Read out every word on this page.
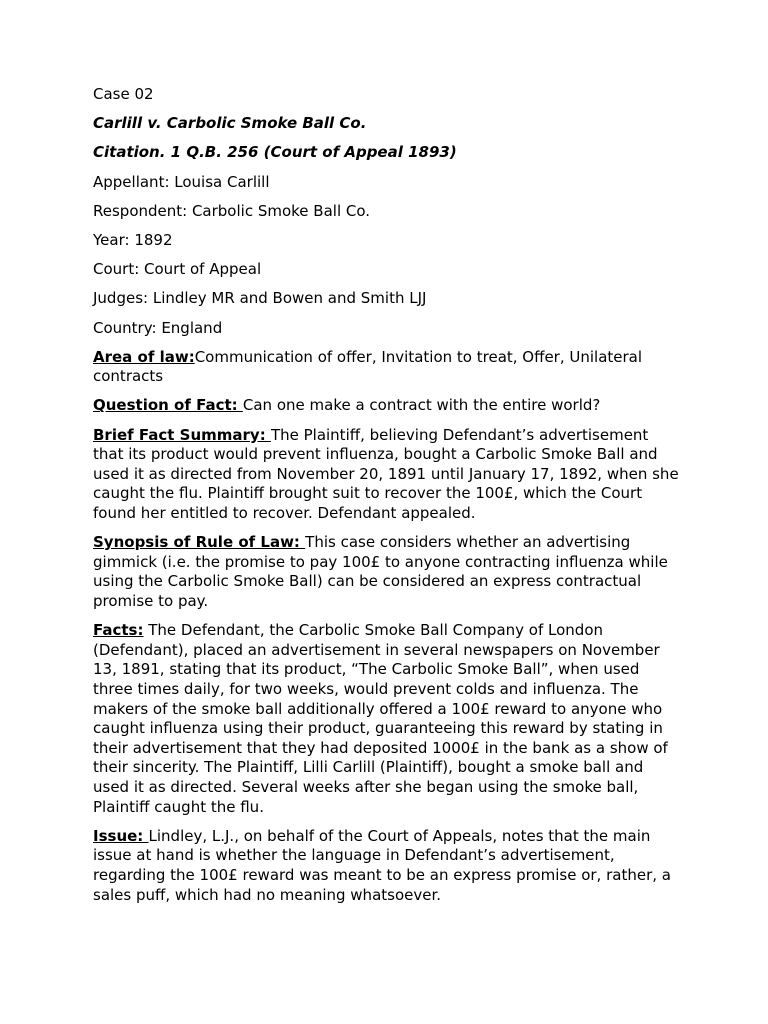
Case 02

Carlill v. Carbolic Smoke Ball Co.

Citation. 1 Q.B. 256 (Court of Appeal 1893)

Appellant: Louisa Carlill

Respondent: Carbolic Smoke Ball Co.

Year: 1892

Court: Court of Appeal

Judges: Lindley MR and Bowen and Smith LJJ

Country: England

Area of law:Communication of offer, Invitation to treat, Offer, Unilateral contracts

Question of Fact: Can one make a contract with the entire world?

Brief Fact Summary: The Plaintiff, believing Defendant’s advertisement that its product would prevent influenza, bought a Carbolic Smoke Ball and used it as directed from November 20, 1891 until January 17, 1892, when she caught the flu. Plaintiff brought suit to recover the 100£, which the Court found her entitled to recover. Defendant appealed.

Synopsis of Rule of Law: This case considers whether an advertising gimmick (i.e. the promise to pay 100£ to anyone contracting influenza while using the Carbolic Smoke Ball) can be considered an express contractual promise to pay.

Facts: The Defendant, the Carbolic Smoke Ball Company of London (Defendant), placed an advertisement in several newspapers on November 13, 1891, stating that its product, “The Carbolic Smoke Ball”, when used three times daily, for two weeks, would prevent colds and influenza. The makers of the smoke ball additionally offered a 100£ reward to anyone who caught influenza using their product, guaranteeing this reward by stating in their advertisement that they had deposited 1000£ in the bank as a show of their sincerity. The Plaintiff, Lilli Carlill (Plaintiff), bought a smoke ball and used it as directed. Several weeks after she began using the smoke ball, Plaintiff caught the flu.

Issue: Lindley, L.J., on behalf of the Court of Appeals, notes that the main issue at hand is whether the language in Defendant’s advertisement, regarding the 100£ reward was meant to be an express promise or, rather, a sales puff, which had no meaning whatsoever.
